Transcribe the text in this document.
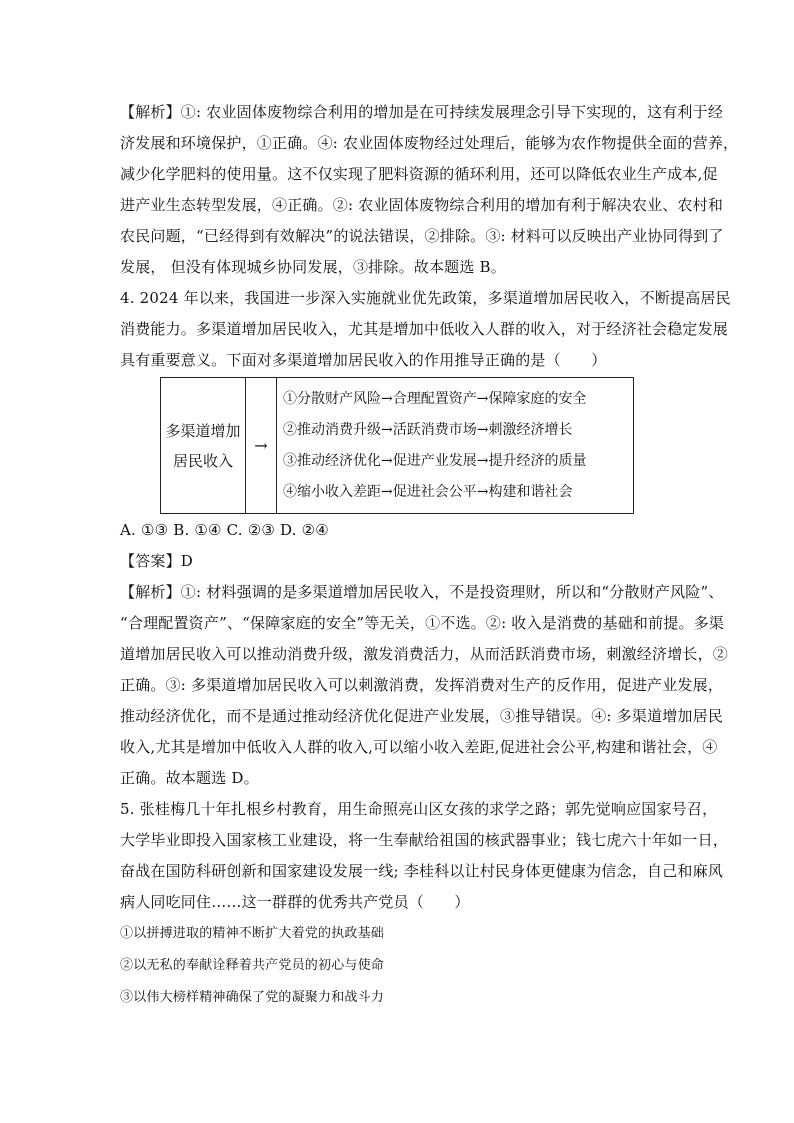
【解析】①: 农业固体废物综合利用的增加是在可持续发展理念引导下实现的，这有利于经
济发展和环境保护，①正确。④: 农业固体废物经过处理后，能够为农作物提供全面的营养，
减少化学肥料的使用量。这不仅实现了肥料资源的循环利用，还可以降低农业生产成本,促
进产业生态转型发展，④正确。②: 农业固体废物综合利用的增加有利于解决农业、农村和
农民问题，“已经得到有效解决”的说法错误，②排除。③: 材料可以反映出产业协同得到了
发展， 但没有体现城乡协同发展，③排除。故本题选 B。
4. 2024 年以来，我国进一步深入实施就业优先政策，多渠道增加居民收入，不断提高居民
消费能力。多渠道增加居民收入，尤其是增加中低收入人群的收入，对于经济社会稳定发展
具有重要意义。下面对多渠道增加居民收入的作用推导正确的是（　　）
多渠道增加
居民收入
	→	
①分散财产风险→合理配置资产→保障家庭的安全
②推动消费升级→活跃消费市场→刺激经济增长
③推动经济优化→促进产业发展→提升经济的质量
④缩小收入差距→促进社会公平→构建和谐社会
A. ①③ B. ①④ C. ②③ D. ②④
【答案】D
【解析】①: 材料强调的是多渠道增加居民收入，不是投资理财，所以和“分散财产风险”、
“合理配置资产”、“保障家庭的安全”等无关，①不选。②: 收入是消费的基础和前提。多渠
道增加居民收入可以推动消费升级，激发消费活力，从而活跃消费市场，刺激经济增长，②
正确。③: 多渠道增加居民收入可以刺激消费，发挥消费对生产的反作用，促进产业发展，
推动经济优化，而不是通过推动经济优化促进产业发展，③推导错误。④: 多渠道增加居民
收入,尤其是增加中低收入人群的收入,可以缩小收入差距,促进社会公平,构建和谐社会，④
正确。故本题选 D。
5. 张桂梅几十年扎根乡村教育，用生命照亮山区女孩的求学之路；郭先觉响应国家号召，
大学毕业即投入国家核工业建设，将一生奉献给祖国的核武器事业；钱七虎六十年如一日，
奋战在国防科研创新和国家建设发展一线; 李桂科以让村民身体更健康为信念，自己和麻风
病人同吃同住……这一群群的优秀共产党员（　　）
①以拼搏进取的精神不断扩大着党的执政基础
②以无私的奉献诠释着共产党员的初心与使命
③以伟大榜样精神确保了党的凝聚力和战斗力
